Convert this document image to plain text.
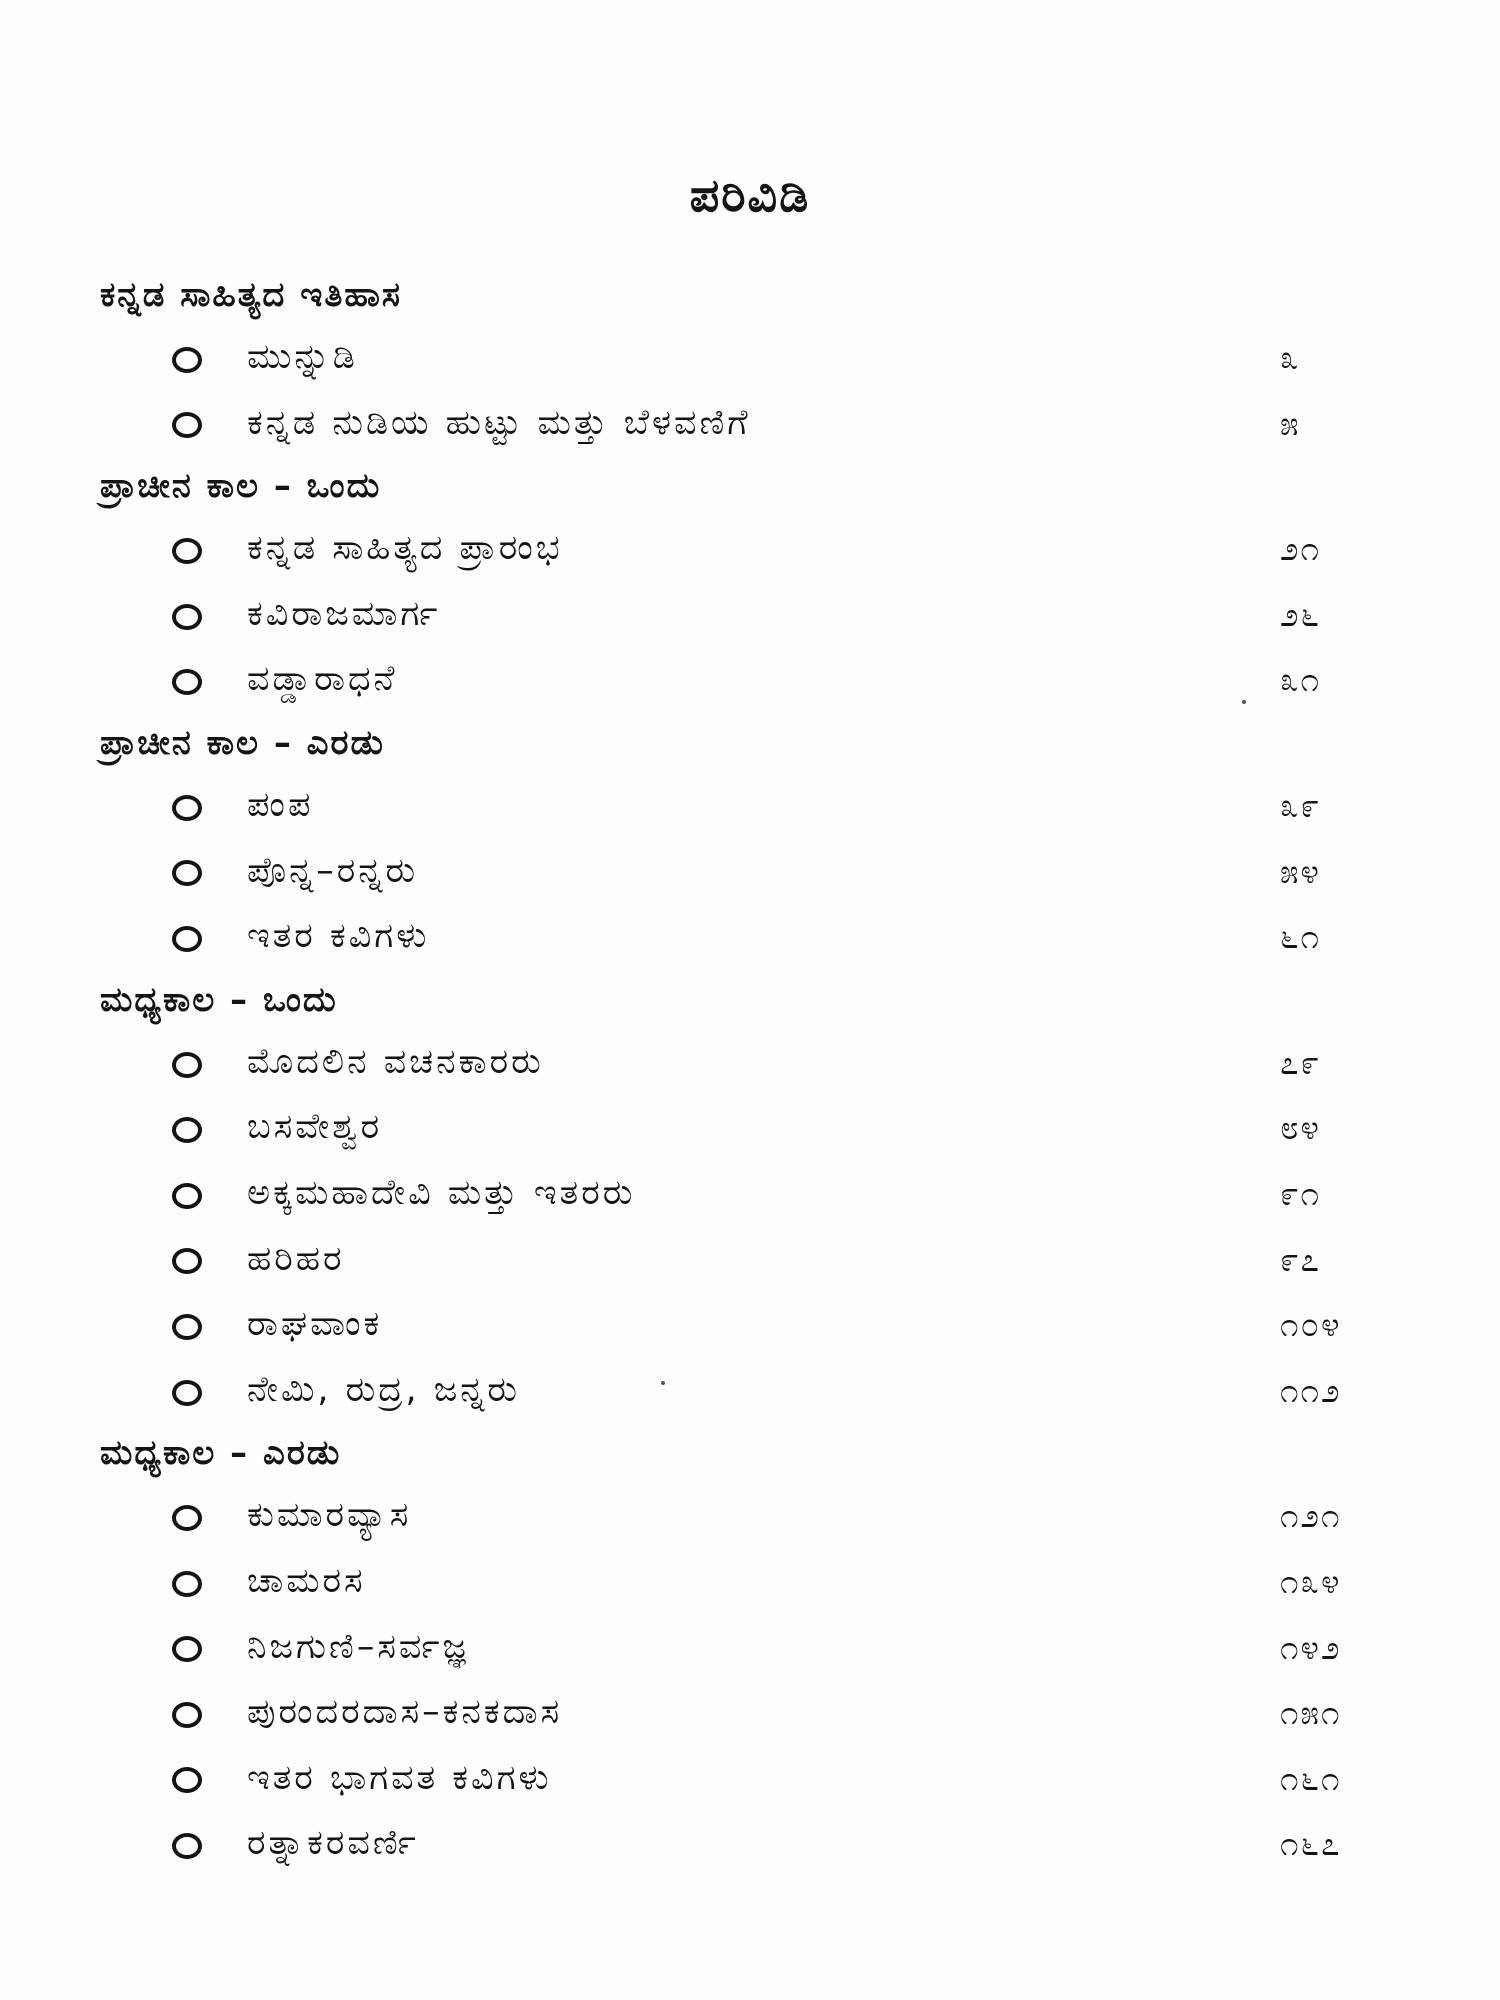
ಪರಿವಿಡಿ
ಕನ್ನಡ ಸಾಹಿತ್ಯದ ಇತಿಹಾಸ
ಮುನ್ನುಡಿ	೩
ಕನ್ನಡ ನುಡಿಯ ಹುಟ್ಟು ಮತ್ತು ಬೆಳವಣಿಗೆ	೫
ಪ್ರಾಚೀನ ಕಾಲ – ಒಂದು
ಕನ್ನಡ ಸಾಹಿತ್ಯದ ಪ್ರಾರಂಭ	೨೧
ಕವಿರಾಜಮಾರ್ಗ	೨೬
ವಡ್ಡಾರಾಧನೆ	೩೧
ಪ್ರಾಚೀನ ಕಾಲ – ಎರಡು
ಪಂಪ	೩೯
ಪೊನ್ನ–ರನ್ನರು	೫೪
ಇತರ ಕವಿಗಳು	೬೧
ಮಧ್ಯಕಾಲ – ಒಂದು
ಮೊದಲಿನ ವಚನಕಾರರು	೭೯
ಬಸವೇಶ್ವರ	೮೪
ಅಕ್ಕಮಹಾದೇವಿ ಮತ್ತು ಇತರರು	೯೧
ಹರಿಹರ	೯೭
ರಾಘವಾಂಕ	೧೦೪
ನೇಮಿ, ರುದ್ರ, ಜನ್ನರು	೧೧೨
ಮಧ್ಯಕಾಲ – ಎರಡು
ಕುಮಾರವ್ಯಾಸ	೧೨೧
ಚಾಮರಸ	೧೩೪
ನಿಜಗುಣಿ–ಸರ್ವಜ್ಞ	೧೪೨
ಪುರಂದರದಾಸ–ಕನಕದಾಸ	೧೫೧
ಇತರ ಭಾಗವತ ಕವಿಗಳು	೧೬೧
ರತ್ನಾಕರವರ್ಣಿ	೧೬೭
